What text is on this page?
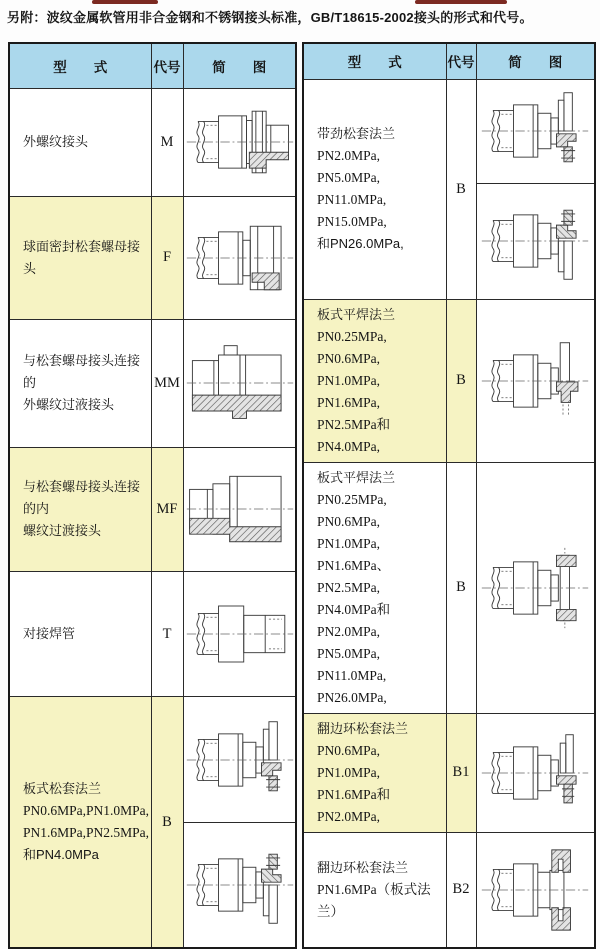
另附：波纹金属软管用非合金钢和不锈钢接头标准，GB/T18615-2002接头的形式和代号。
型　　式	代号	简　　图

外螺纹接头	M	

球面密封松套螺母接头	F	

与松套螺母接头连接的
外螺纹过液接头	MM	

与松套螺母接头连接的内
螺纹过渡接头	MF	

对接焊管	T	

板式松套法兰
PN0.6MPa,PN1.0MPa,
PN1.6MPa,PN2.5MPa,
和PN4.0MPa	B	

型　　式	代号	简　　图

带劲松套法兰
PN2.0MPa, PN5.0MPa,
PN11.0MPa, PN15.0MPa,
和PN26.0MPa,	B	

板式平焊法兰
PN0.25MPa, PN0.6MPa,
PN1.0MPa, PN1.6MPa,
PN2.5MPa和PN4.0MPa,	B	

板式平焊法兰
PN0.25MPa, PN0.6MPa,
PN1.0MPa, PN1.6MPa、
PN2.5MPa, PN4.0MPa和
PN2.0MPa, PN5.0MPa,
PN11.0MPa, PN26.0MPa,
	B	

翻边环松套法兰
PN0.6MPa, PN1.0MPa,
PN1.6MPa和PN2.0MPa,	B1	

翻边环松套法兰
PN1.6MPa（板式法兰）	B2	
